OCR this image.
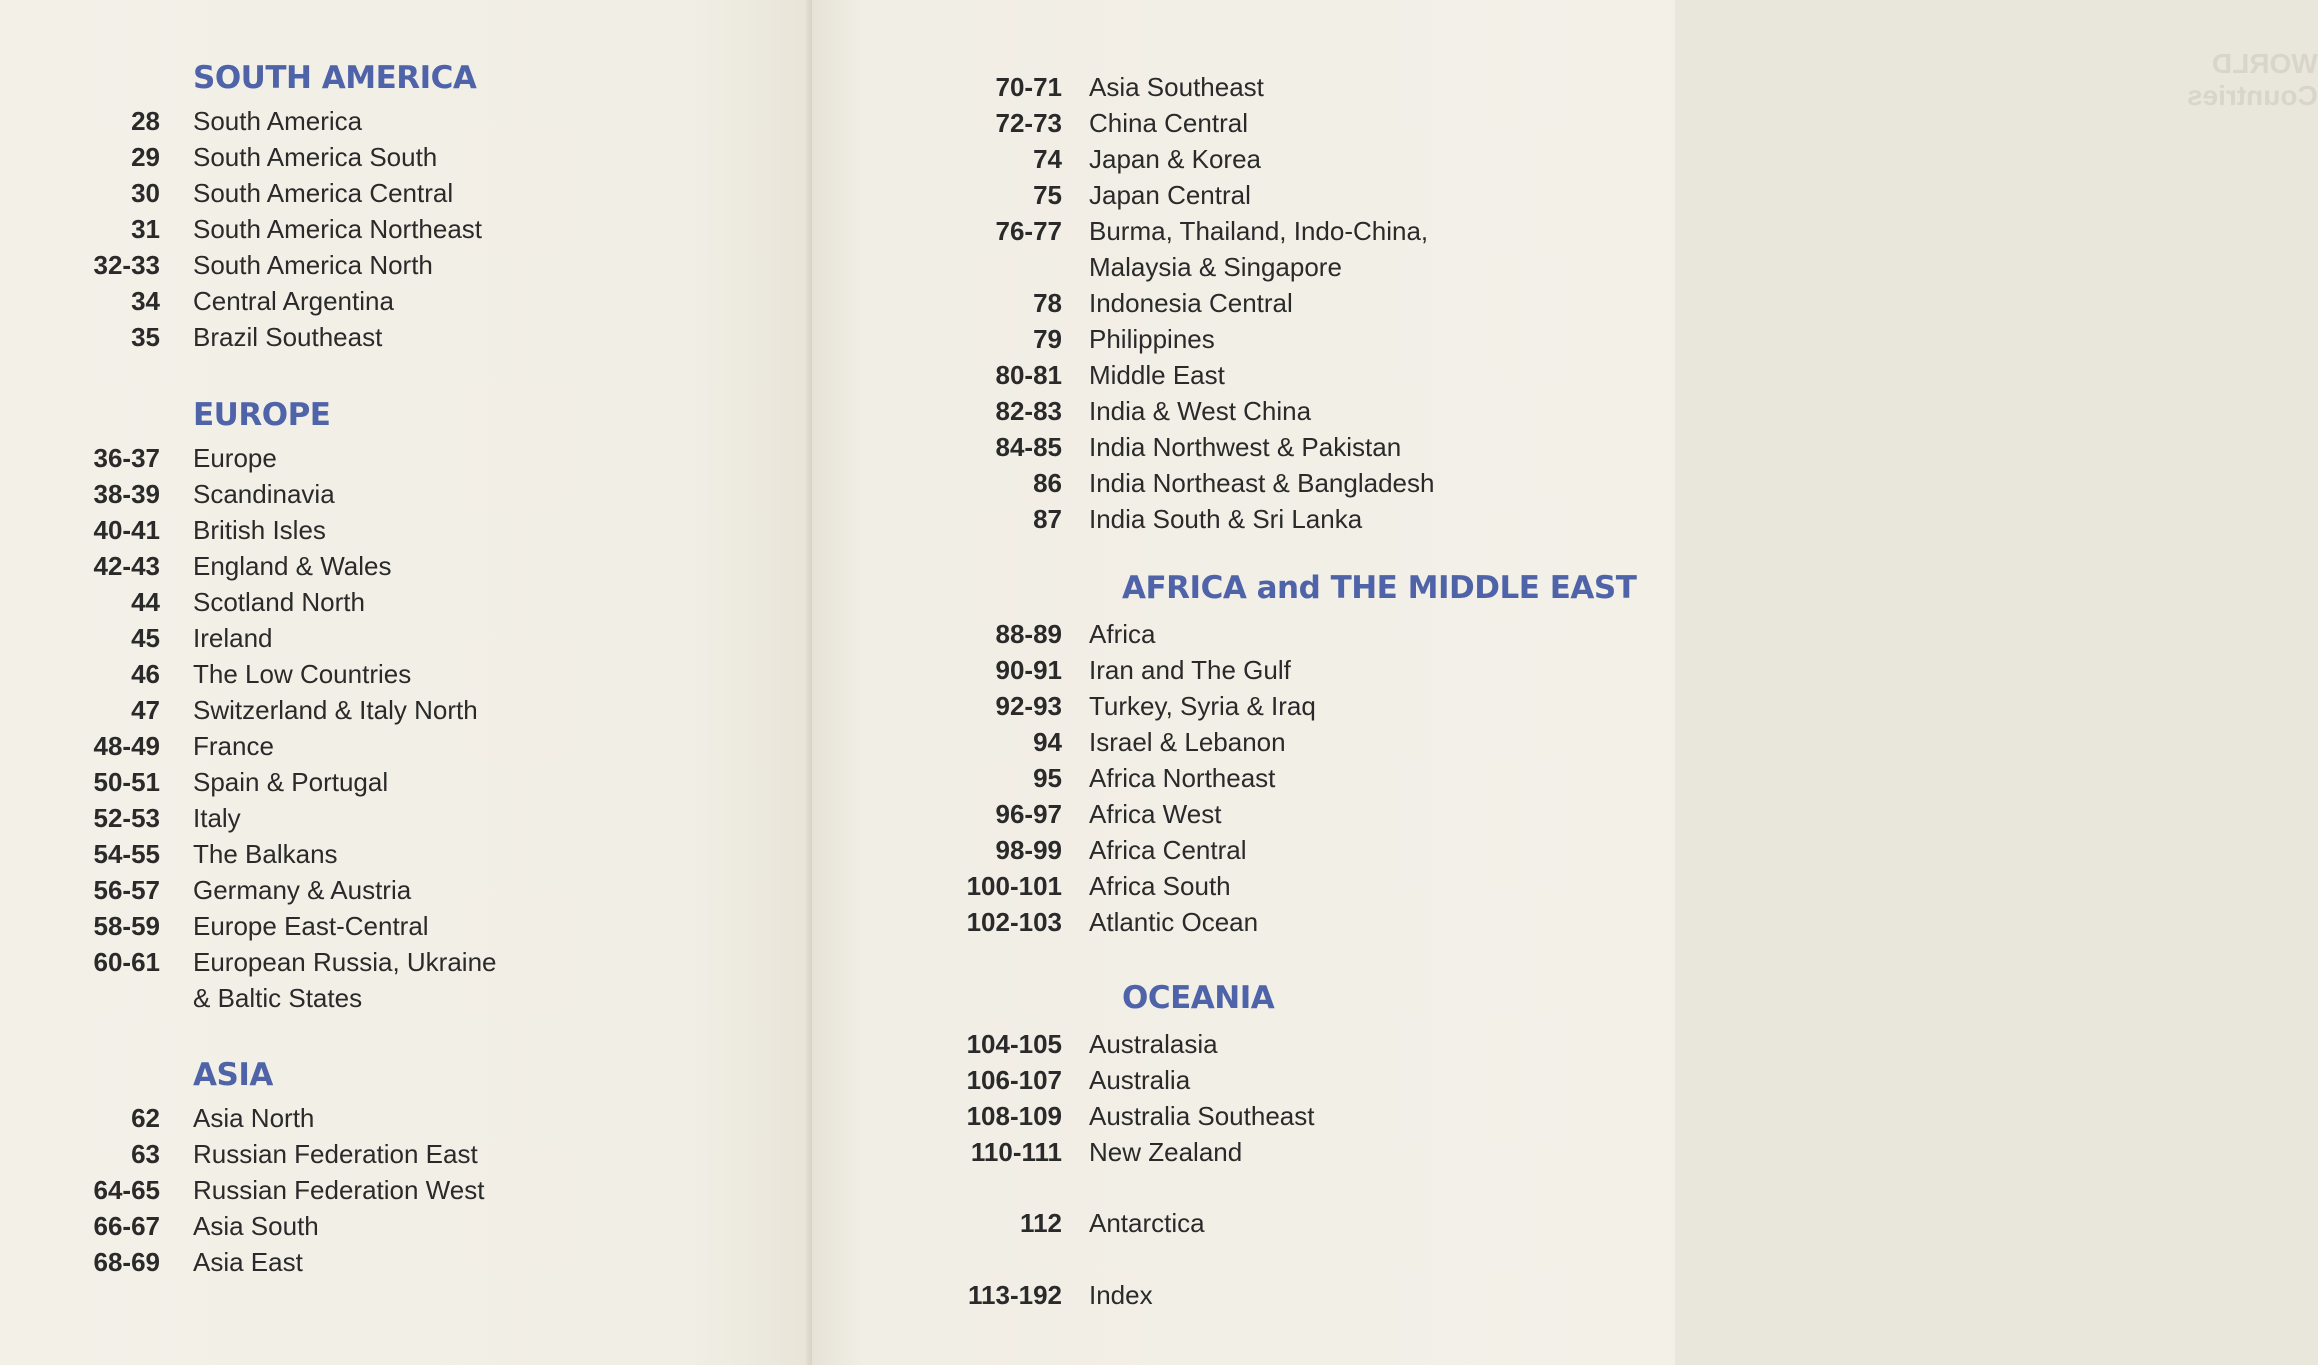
SOUTH AMERICA
28 South America
29 South America South
30 South America Central
31 South America Northeast
32-33 South America North
34 Central Argentina
35 Brazil Southeast
EUROPE
36-37 Europe
38-39 Scandinavia
40-41 British Isles
42-43 England & Wales
44 Scotland North
45 Ireland
46 The Low Countries
47 Switzerland & Italy North
48-49 France
50-51 Spain & Portugal
52-53 Italy
54-55 The Balkans
56-57 Germany & Austria
58-59 Europe East-Central
60-61 European Russia, Ukraine
& Baltic States
ASIA
62 Asia North
63 Russian Federation East
64-65 Russian Federation West
66-67 Asia South
68-69 Asia East
WORLD Countries
70-71 Asia Southeast
72-73 China Central
74 Japan & Korea
75 Japan Central
76-77 Burma, Thailand, Indo-China,
Malaysia & Singapore
78 Indonesia Central
79 Philippines
80-81 Middle East
82-83 India & West China
84-85 India Northwest & Pakistan
86 India Northeast & Bangladesh
87 India South & Sri Lanka
AFRICA and THE MIDDLE EAST
88-89 Africa
90-91 Iran and The Gulf
92-93 Turkey, Syria & Iraq
94 Israel & Lebanon
95 Africa Northeast
96-97 Africa West
98-99 Africa Central
100-101 Africa South
102-103 Atlantic Ocean
OCEANIA
104-105 Australasia
106-107 Australia
108-109 Australia Southeast
110-111 New Zealand
112 Antarctica
113-192 Index
